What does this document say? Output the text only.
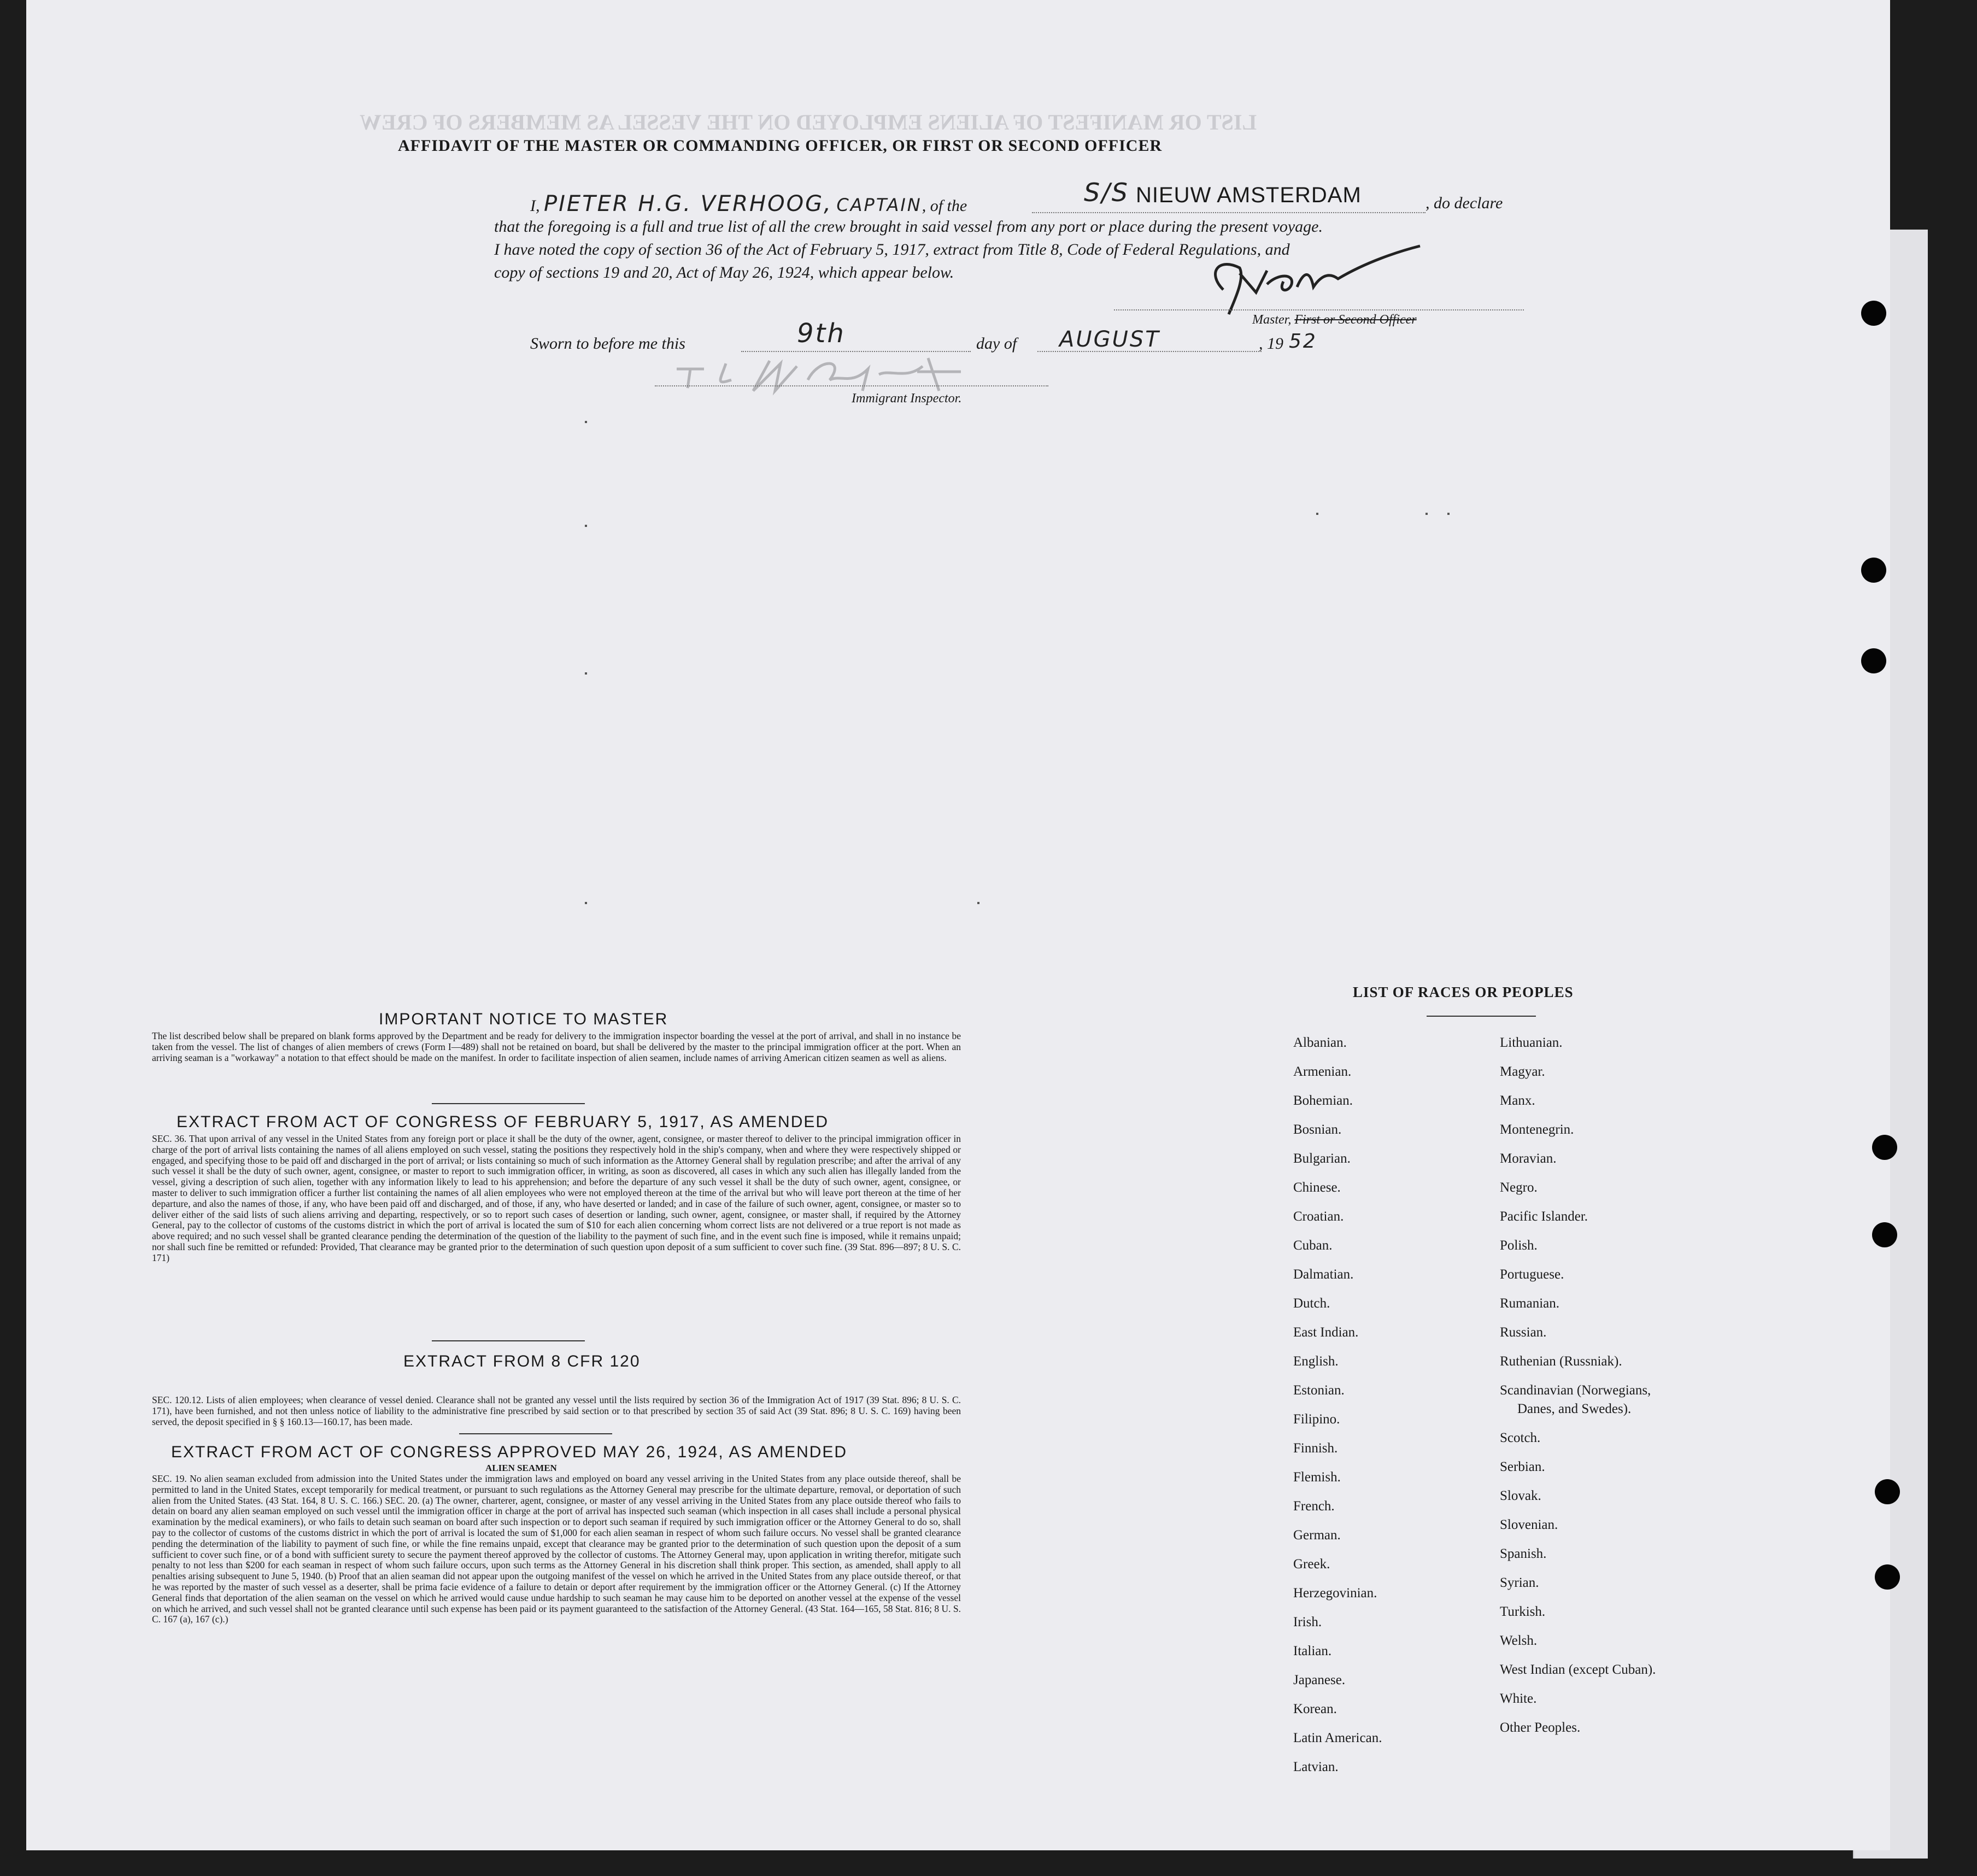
LIST OR MANIFEST OF ALIENS EMPLOYED ON THE VESSEL AS MEMBERS OF CREW
AFFIDAVIT OF THE MASTER OR COMMANDING OFFICER, OR FIRST OR SECOND OFFICER
I, PIETER H.G. VERHOOG, CAPTAIN, of the	S/S NIEUW AMSTERDAM	, do declare
that the foregoing is a full and true list of all the crew brought in said vessel from any port or place during the present voyage.
I have noted the copy of section 36 of the Act of February 5, 1917, extract from Title 8, Code of Federal Regulations, and
copy of sections 19 and 20, Act of May 26, 1924, which appear below.
Master, First or Second Officer
Sworn to before me this	9th	day of AUGUST	, 19 52
Immigrant Inspector.
IMPORTANT NOTICE TO MASTER
The list described below shall be prepared on blank forms approved by the Department and be ready for delivery to the immigration inspector boarding the vessel at the port of arrival, and shall in no instance be taken from the vessel. The list of changes of alien members of crews (Form I—489) shall not be retained on board, but shall be delivered by the master to the principal immigration officer at the port. When an arriving seaman is a "workaway" a notation to that effect should be made on the manifest. In order to facilitate inspection of alien seamen, include names of arriving American citizen seamen as well as aliens.
EXTRACT FROM ACT OF CONGRESS OF FEBRUARY 5, 1917, AS AMENDED
SEC. 36. That upon arrival of any vessel in the United States from any foreign port or place it shall be the duty of the owner, agent, consignee, or master thereof to deliver to the principal immigration officer in charge of the port of arrival lists containing the names of all aliens employed on such vessel, stating the positions they respectively hold in the ship's company, when and where they were respectively shipped or engaged, and specifying those to be paid off and discharged in the port of arrival; or lists containing so much of such information as the Attorney General shall by regulation prescribe; and after the arrival of any such vessel it shall be the duty of such owner, agent, consignee, or master to report to such immigration officer, in writing, as soon as discovered, all cases in which any such alien has illegally landed from the vessel, giving a description of such alien, together with any information likely to lead to his apprehension; and before the departure of any such vessel it shall be the duty of such owner, agent, consignee, or master to deliver to such immigration officer a further list containing the names of all alien employees who were not employed thereon at the time of the arrival but who will leave port thereon at the time of her departure, and also the names of those, if any, who have been paid off and discharged, and of those, if any, who have deserted or landed; and in case of the failure of such owner, agent, consignee, or master so to deliver either of the said lists of such aliens arriving and departing, respectively, or so to report such cases of desertion or landing, such owner, agent, consignee, or master shall, if required by the Attorney General, pay to the collector of customs of the customs district in which the port of arrival is located the sum of $10 for each alien concerning whom correct lists are not delivered or a true report is not made as above required; and no such vessel shall be granted clearance pending the determination of the question of the liability to the payment of such fine, and in the event such fine is imposed, while it remains unpaid; nor shall such fine be remitted or refunded: Provided, That clearance may be granted prior to the determination of such question upon deposit of a sum sufficient to cover such fine. (39 Stat. 896—897; 8 U. S. C. 171)
EXTRACT FROM 8 CFR 120
SEC. 120.12. Lists of alien employees; when clearance of vessel denied. Clearance shall not be granted any vessel until the lists required by section 36 of the Immigration Act of 1917 (39 Stat. 896; 8 U. S. C. 171), have been furnished, and not then unless notice of liability to the administrative fine prescribed by said section or to that prescribed by section 35 of said Act (39 Stat. 896; 8 U. S. C. 169) having been served, the deposit specified in § § 160.13—160.17, has been made.
EXTRACT FROM ACT OF CONGRESS APPROVED MAY 26, 1924, AS AMENDED
ALIEN SEAMEN
SEC. 19. No alien seaman excluded from admission into the United States under the immigration laws and employed on board any vessel arriving in the United States from any place outside thereof, shall be permitted to land in the United States, except temporarily for medical treatment, or pursuant to such regulations as the Attorney General may prescribe for the ultimate departure, removal, or deportation of such alien from the United States. (43 Stat. 164, 8 U. S. C. 166.) SEC. 20. (a) The owner, charterer, agent, consignee, or master of any vessel arriving in the United States from any place outside thereof who fails to detain on board any alien seaman employed on such vessel until the immigration officer in charge at the port of arrival has inspected such seaman (which inspection in all cases shall include a personal physical examination by the medical examiners), or who fails to detain such seaman on board after such inspection or to deport such seaman if required by such immigration officer or the Attorney General to do so, shall pay to the collector of customs of the customs district in which the port of arrival is located the sum of $1,000 for each alien seaman in respect of whom such failure occurs. No vessel shall be granted clearance pending the determination of the liability to payment of such fine, or while the fine remains unpaid, except that clearance may be granted prior to the determination of such question upon the deposit of a sum sufficient to cover such fine, or of a bond with sufficient surety to secure the payment thereof approved by the collector of customs. The Attorney General may, upon application in writing therefor, mitigate such penalty to not less than $200 for each seaman in respect of whom such failure occurs, upon such terms as the Attorney General in his discretion shall think proper. This section, as amended, shall apply to all penalties arising subsequent to June 5, 1940. (b) Proof that an alien seaman did not appear upon the outgoing manifest of the vessel on which he arrived in the United States from any place outside thereof, or that he was reported by the master of such vessel as a deserter, shall be prima facie evidence of a failure to detain or deport after requirement by the immigration officer or the Attorney General. (c) If the Attorney General finds that deportation of the alien seaman on the vessel on which he arrived would cause undue hardship to such seaman he may cause him to be deported on another vessel at the expense of the vessel on which he arrived, and such vessel shall not be granted clearance until such expense has been paid or its payment guaranteed to the satisfaction of the Attorney General. (43 Stat. 164—165, 58 Stat. 816; 8 U. S. C. 167 (a), 167 (c).)
LIST OF RACES OR PEOPLES
Albanian.
Armenian.
Bohemian.
Bosnian.
Bulgarian.
Chinese.
Croatian.
Cuban.
Dalmatian.
Dutch.
East Indian.
English.
Estonian.
Filipino.
Finnish.
Flemish.
French.
German.
Greek.
Herzegovinian.
Irish.
Italian.
Japanese.
Korean.
Latin American.
Latvian.
Lithuanian.
Magyar.
Manx.
Montenegrin.
Moravian.
Negro.
Pacific Islander.
Polish.
Portuguese.
Rumanian.
Russian.
Ruthenian (Russniak).
Scandinavian (Norwegians,
Danes, and Swedes).
Scotch.
Serbian.
Slovak.
Slovenian.
Spanish.
Syrian.
Turkish.
Welsh.
West Indian (except Cuban).
White.
Other Peoples.
